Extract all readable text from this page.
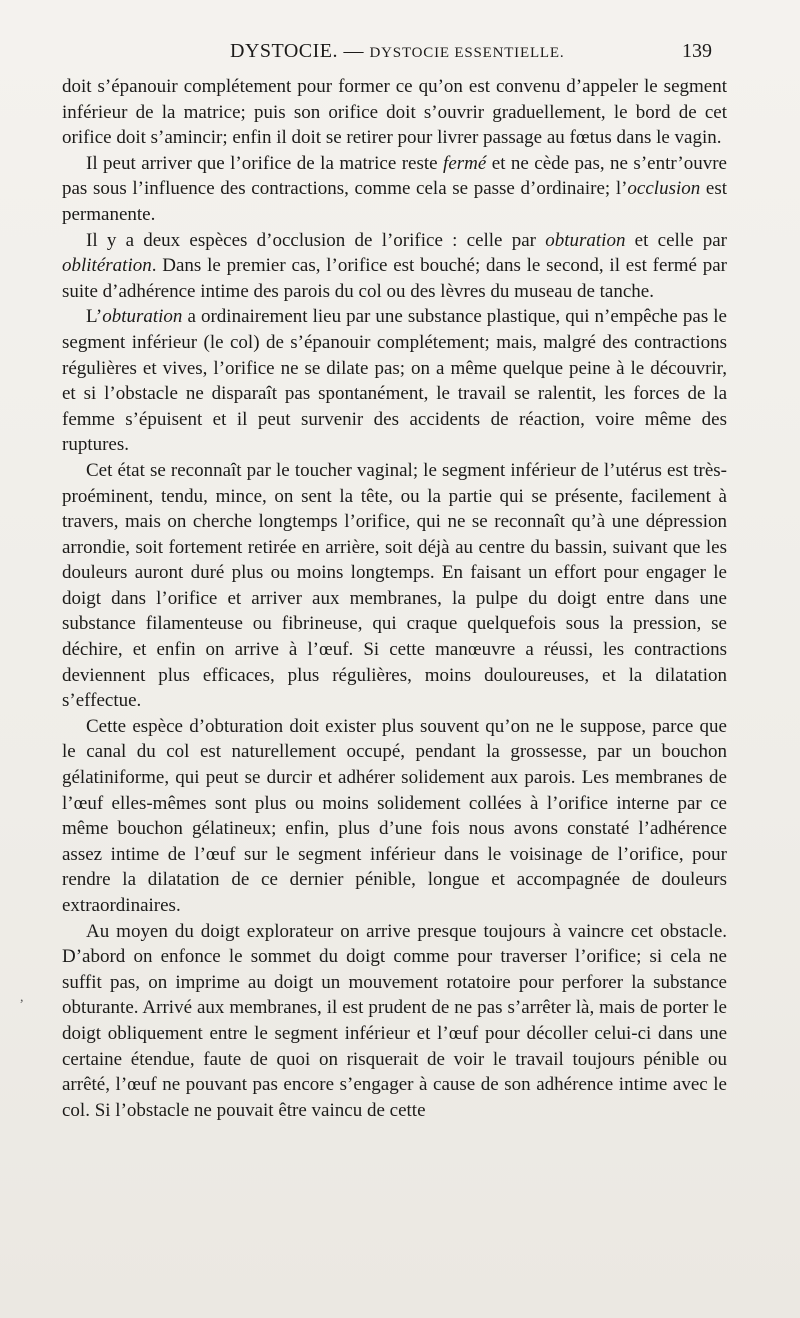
DYSTOCIE. — DYSTOCIE ESSENTIELLE.	139

doit s’épanouir complétement pour former ce qu’on est convenu d’appeler le segment inférieur de la matrice; puis son orifice doit s’ouvrir graduellement, le bord de cet orifice doit s’amincir; enfin il doit se retirer pour livrer passage au fœtus dans le vagin.

Il peut arriver que l’orifice de la matrice reste fermé et ne cède pas, ne s’entr’ouvre pas sous l’influence des contractions, comme cela se passe d’ordinaire; l’occlusion est permanente.

Il y a deux espèces d’occlusion de l’orifice : celle par obturation et celle par oblitération. Dans le premier cas, l’orifice est bouché; dans le second, il est fermé par suite d’adhérence intime des parois du col ou des lèvres du museau de tanche.

L’obturation a ordinairement lieu par une substance plastique, qui n’empêche pas le segment inférieur (le col) de s’épanouir complétement; mais, malgré des contractions régulières et vives, l’orifice ne se dilate pas; on a même quelque peine à le découvrir, et si l’obstacle ne disparaît pas spontanément, le travail se ralentit, les forces de la femme s’épuisent et il peut survenir des accidents de réaction, voire même des ruptures.

Cet état se reconnaît par le toucher vaginal; le segment inférieur de l’utérus est très-proéminent, tendu, mince, on sent la tête, ou la partie qui se présente, facilement à travers, mais on cherche longtemps l’orifice, qui ne se reconnaît qu’à une dépression arrondie, soit fortement retirée en arrière, soit déjà au centre du bassin, suivant que les douleurs auront duré plus ou moins longtemps. En faisant un effort pour engager le doigt dans l’orifice et arriver aux membranes, la pulpe du doigt entre dans une substance filamenteuse ou fibrineuse, qui craque quelquefois sous la pression, se déchire, et enfin on arrive à l’œuf. Si cette manœuvre a réussi, les contractions deviennent plus efficaces, plus régulières, moins douloureuses, et la dilatation s’effectue.

Cette espèce d’obturation doit exister plus souvent qu’on ne le suppose, parce que le canal du col est naturellement occupé, pendant la grossesse, par un bouchon gélatiniforme, qui peut se durcir et adhérer solidement aux parois. Les membranes de l’œuf elles-mêmes sont plus ou moins solidement collées à l’orifice interne par ce même bouchon gélatineux; enfin, plus d’une fois nous avons constaté l’adhérence assez intime de l’œuf sur le segment inférieur dans le voisinage de l’orifice, pour rendre la dilatation de ce dernier pénible, longue et accompagnée de douleurs extraordinaires.

Au moyen du doigt explorateur on arrive presque toujours à vaincre cet obstacle. D’abord on enfonce le sommet du doigt comme pour traverser l’orifice; si cela ne suffit pas, on imprime au doigt un mouvement rotatoire pour perforer la substance obturante. Arrivé aux membranes, il est prudent de ne pas s’arrêter là, mais de porter le doigt obliquement entre le segment inférieur et l’œuf pour décoller celui-ci dans une certaine étendue, faute de quoi on risquerait de voir le travail toujours pénible ou arrêté, l’œuf ne pouvant pas encore s’engager à cause de son adhérence intime avec le col. Si l’obstacle ne pouvait être vaincu de cette

,
